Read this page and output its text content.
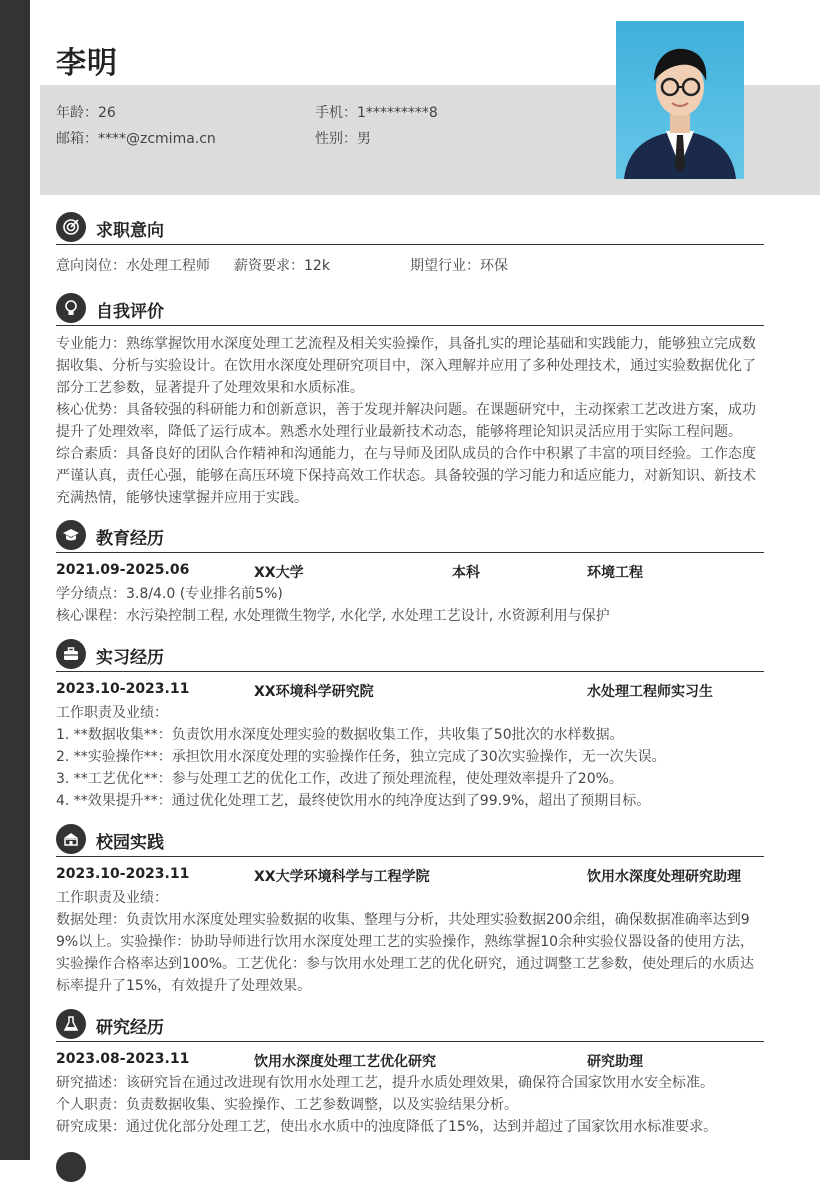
李明
年龄：26	手机：1*********8
邮箱：****@zcmima.cn	性别：男
求职意向
意向岗位：水处理工程师 薪资要求：12k	期望行业：环保
自我评价

专业能力：熟练掌握饮用水深度处理工艺流程及相关实验操作，具备扎实的理论基础和实践能力，能够独立完成数据收集、分析与实验设计。在饮用水深度处理研究项目中，深入理解并应用了多种处理技术，通过实验数据优化了部分工艺参数，显著提升了处理效果和水质标准。

核心优势：具备较强的科研能力和创新意识，善于发现并解决问题。在课题研究中，主动探索工艺改进方案，成功提升了处理效率，降低了运行成本。熟悉水处理行业最新技术动态，能够将理论知识灵活应用于实际工程问题。

综合素质：具备良好的团队合作精神和沟通能力，在与导师及团队成员的合作中积累了丰富的项目经验。工作态度严谨认真，责任心强，能够在高压环境下保持高效工作状态。具备较强的学习能力和适应能力，对新知识、新技术充满热情，能够快速掌握并应用于实践。

教育经历
2021.09-2025.06	XX大学	本科	环境工程

学分绩点：3.8/4.0 (专业排名前5%)

核心课程：水污染控制工程, 水处理微生物学, 水化学, 水处理工艺设计, 水资源利用与保护

实习经历
2023.10-2023.11	XX环境科学研究院	水处理工程师实习生

工作职责及业绩：

1. **数据收集**：负责饮用水深度处理实验的数据收集工作，共收集了50批次的水样数据。

2. **实验操作**：承担饮用水深度处理的实验操作任务，独立完成了30次实验操作，无一次失误。

3. **工艺优化**：参与处理工艺的优化工作，改进了预处理流程，使处理效率提升了20%。

4. **效果提升**：通过优化处理工艺，最终使饮用水的纯净度达到了99.9%，超出了预期目标。

校园实践
2023.10-2023.11	XX大学环境科学与工程学院	饮用水深度处理研究助理

工作职责及业绩：

数据处理：负责饮用水深度处理实验数据的收集、整理与分析，共处理实验数据200余组，确保数据准确率达到99%以上。实验操作：协助导师进行饮用水深度处理工艺的实验操作，熟练掌握10余种实验仪器设备的使用方法，实验操作合格率达到100%。工艺优化：参与饮用水处理工艺的优化研究，通过调整工艺参数，使处理后的水质达标率提升了15%，有效提升了处理效果。

研究经历
2023.08-2023.11	饮用水深度处理工艺优化研究	研究助理

研究描述：该研究旨在通过改进现有饮用水处理工艺，提升水质处理效果，确保符合国家饮用水安全标准。

个人职责：负责数据收集、实验操作、工艺参数调整，以及实验结果分析。

研究成果：通过优化部分处理工艺，使出水水质中的浊度降低了15%，达到并超过了国家饮用水标准要求。
